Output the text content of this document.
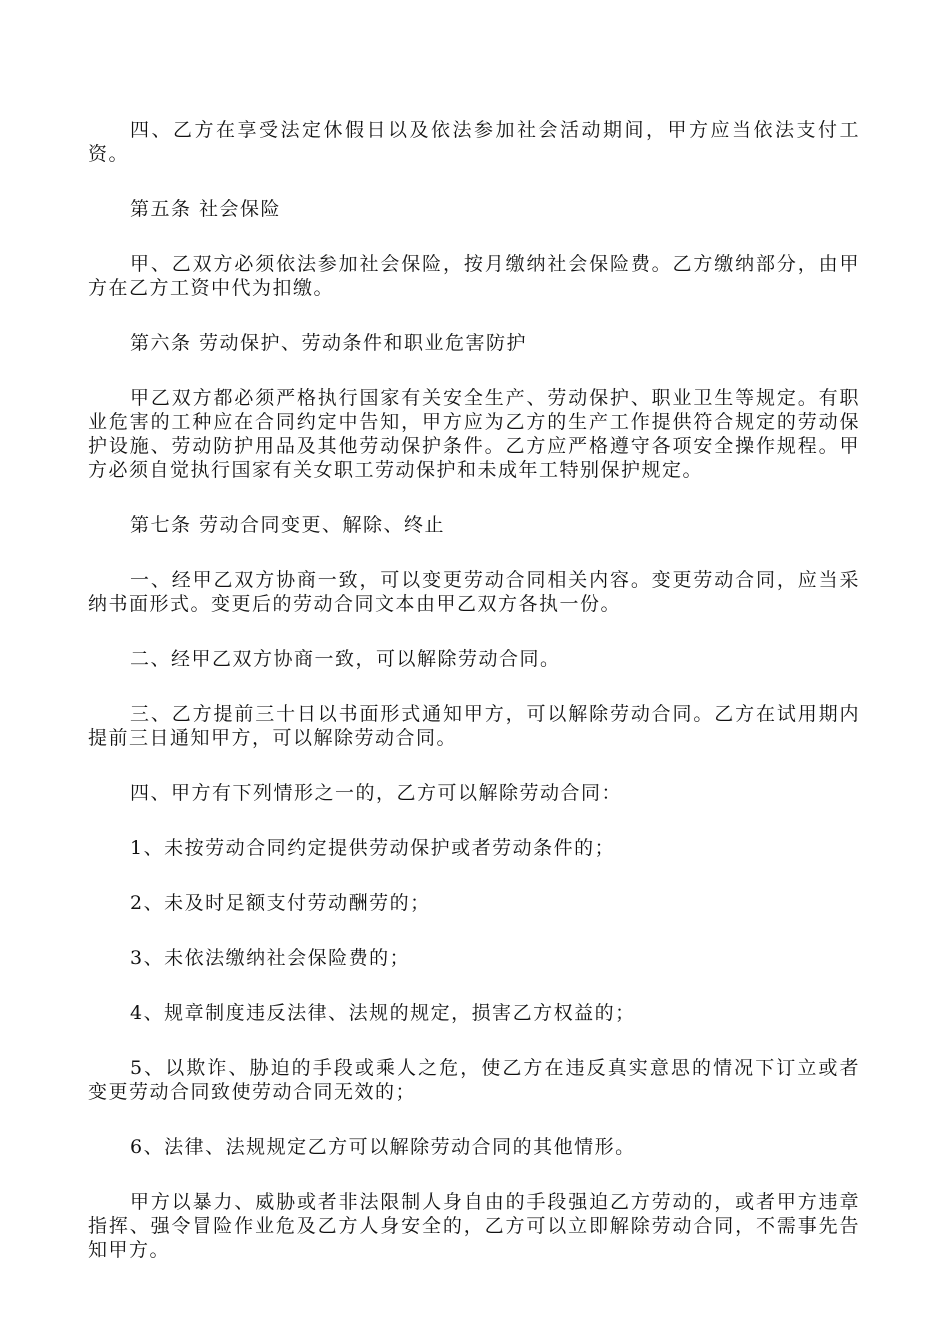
四、乙方在享受法定休假日以及依法参加社会活动期间，甲方应当依法支付工资。

第五条 社会保险

甲、乙双方必须依法参加社会保险，按月缴纳社会保险费。乙方缴纳部分，由甲方在乙方工资中代为扣缴。

第六条 劳动保护、劳动条件和职业危害防护

甲乙双方都必须严格执行国家有关安全生产、劳动保护、职业卫生等规定。有职业危害的工种应在合同约定中告知，甲方应为乙方的生产工作提供符合规定的劳动保护设施、劳动防护用品及其他劳动保护条件。乙方应严格遵守各项安全操作规程。甲方必须自觉执行国家有关女职工劳动保护和未成年工特别保护规定。

第七条 劳动合同变更、解除、终止

一、经甲乙双方协商一致，可以变更劳动合同相关内容。变更劳动合同，应当采纳书面形式。变更后的劳动合同文本由甲乙双方各执一份。

二、经甲乙双方协商一致，可以解除劳动合同。

三、乙方提前三十日以书面形式通知甲方，可以解除劳动合同。乙方在试用期内提前三日通知甲方，可以解除劳动合同。

四、甲方有下列情形之一的，乙方可以解除劳动合同：

1、未按劳动合同约定提供劳动保护或者劳动条件的；

2、未及时足额支付劳动酬劳的；

3、未依法缴纳社会保险费的；

4、规章制度违反法律、法规的规定，损害乙方权益的；

5、以欺诈、胁迫的手段或乘人之危，使乙方在违反真实意思的情况下订立或者变更劳动合同致使劳动合同无效的；

6、法律、法规规定乙方可以解除劳动合同的其他情形。

甲方以暴力、威胁或者非法限制人身自由的手段强迫乙方劳动的，或者甲方违章指挥、强令冒险作业危及乙方人身安全的，乙方可以立即解除劳动合同，不需事先告知甲方。
